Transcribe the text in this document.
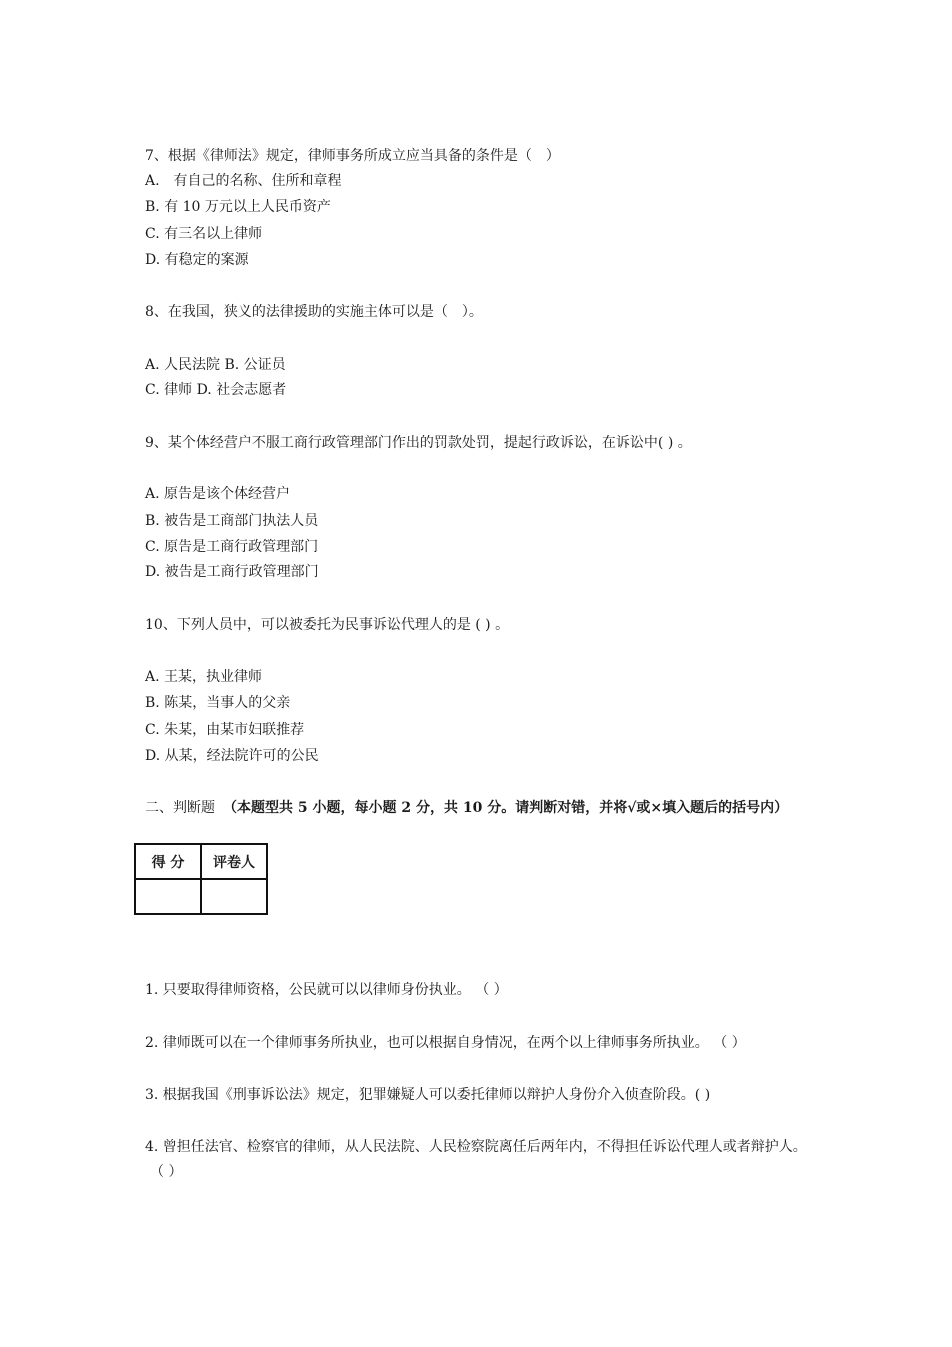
7、根据《律师法》规定，律师事务所成立应当具备的条件是（　）
A.　有自己的名称、住所和章程
B. 有 10 万元以上人民币资产
C. 有三名以上律师
D. 有稳定的案源
8、在我国，狭义的法律援助的实施主体可以是（　）。
A. 人民法院 B. 公证员
C. 律师 D. 社会志愿者
9、某个体经营户不服工商行政管理部门作出的罚款处罚，提起行政诉讼，在诉讼中( ) 。
A. 原告是该个体经营户
B. 被告是工商部门执法人员
C. 原告是工商行政管理部门
D. 被告是工商行政管理部门
10、下列人员中，可以被委托为民事诉讼代理人的是 ( ) 。
A. 王某，执业律师
B. 陈某，当事人的父亲
C. 朱某，由某市妇联推荐
D. 从某，经法院许可的公民
二、判断题 （本题型共 5 小题，每小题 2 分，共 10 分。请判断对错，并将√或×填入题后的括号内）
得 分	评卷人

1. 只要取得律师资格，公民就可以以律师身份执业。 （ ）
2. 律师既可以在一个律师事务所执业，也可以根据自身情况，在两个以上律师事务所执业。 （ ）
3. 根据我国《刑事诉讼法》规定，犯罪嫌疑人可以委托律师以辩护人身份介入侦查阶段。( )
4. 曾担任法官、检察官的律师，从人民法院、人民检察院离任后两年内，不得担任诉讼代理人或者辩护人。
（ ）
